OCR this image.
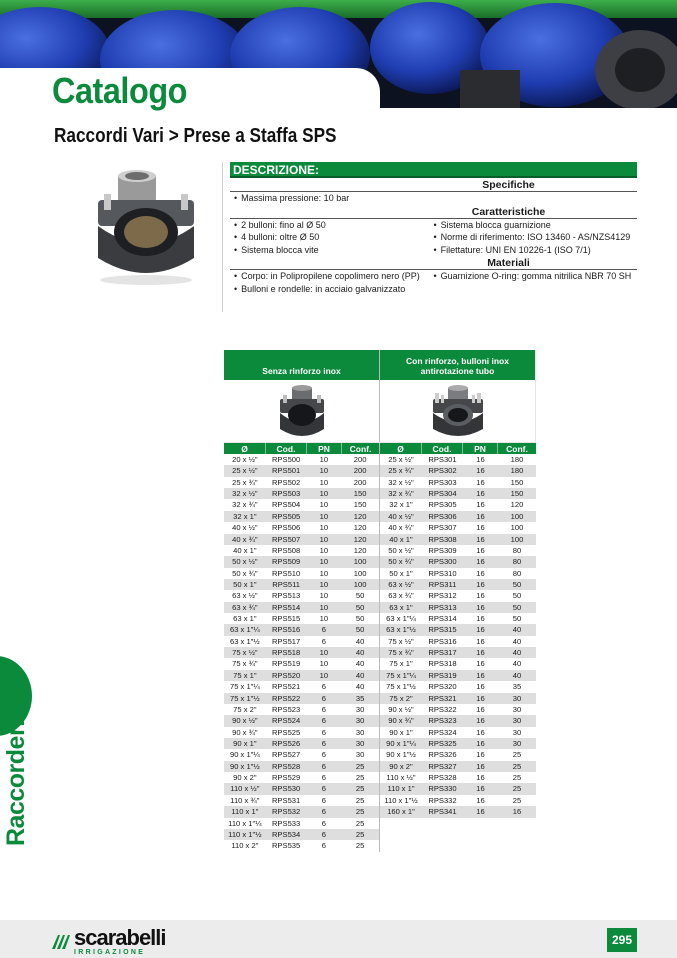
Catalogo
Raccordi Vari > Prese a Staffa SPS
DESCRIZIONE:
Specifiche
• Massima pressione: 10 bar
Caratteristiche
• 2 bulloni: fino al Ø 50
• 4 bulloni: oltre Ø 50
• Sistema blocca vite
• Sistema blocca guarnizione
• Norme di riferimento: ISO 13460 - AS/NZS4129
• Filettature: UNI EN 10226-1 (ISO 7/1)
Materiali
• Corpo: in Polipropilene copolimero nero (PP)
• Bulloni e rondelle: in acciaio galvanizzato
• Guarnizione O-ring: gomma nitrilica NBR 70 SH
Senza rinforzo inox
Con rinforzo, bulloni inox antirotazione tubo
Ø	Cod.	PN	Conf.	Ø	Cod.	PN	Conf.
20 x ½"	RPS500	10	200
25 x ½"	RPS501	10	200
25 x ¾"	RPS502	10	200
32 x ½"	RPS503	10	150
32 x ¾"	RPS504	10	150
32 x 1"	RPS505	10	120
40 x ½"	RPS506	10	120
40 x ¾"	RPS507	10	120
40 x 1"	RPS508	10	120
50 x ½"	RPS509	10	100
50 x ¾"	RPS510	10	100
50 x 1"	RPS511	10	100
63 x ½"	RPS513	10	50
63 x ¾"	RPS514	10	50
63 x 1"	RPS515	10	50
63 x 1"¼	RPS516	6	50
63 x 1"½	RPS517	6	40
75 x ½"	RPS518	10	40
75 x ¾"	RPS519	10	40
75 x 1"	RPS520	10	40
75 x 1"¼	RPS521	6	40
75 x 1"½	RPS522	6	35
75 x 2"	RPS523	6	30
90 x ½"	RPS524	6	30
90 x ¾"	RPS525	6	30
90 x 1"	RPS526	6	30
90 x 1"¼	RPS527	6	30
90 x 1"½	RPS528	6	25
90 x 2"	RPS529	6	25
110 x ½"	RPS530	6	25
110 x ¾"	RPS531	6	25
110 x 1"	RPS532	6	25
110 x 1"¼	RPS533	6	25
110 x 1"½	RPS534	6	25
110 x 2"	RPS535	6	25
25 x ½"	RPS301	16	180
25 x ¾"	RPS302	16	180
32 x ½"	RPS303	16	150
32 x ¾"	RPS304	16	150
32 x 1"	RPS305	16	120
40 x ½"	RPS306	16	100
40 x ¾"	RPS307	16	100
40 x 1"	RPS308	16	100
50 x ½"	RPS309	16	80
50 x ¾"	RPS300	16	80
50 x 1"	RPS310	16	80
63 x ½"	RPS311	16	50
63 x ¾"	RPS312	16	50
63 x 1"	RPS313	16	50
63 x 1"¼	RPS314	16	50
63 x 1"½	RPS315	16	40
75 x ½"	RPS316	16	40
75 x ¾"	RPS317	16	40
75 x 1"	RPS318	16	40
75 x 1"¼	RPS319	16	40
75 x 1"½	RPS320	16	35
75 x 2"	RPS321	16	30
90 x ½"	RPS322	16	30
90 x ¾"	RPS323	16	30
90 x 1"	RPS324	16	30
90 x 1"¼	RPS325	16	30
90 x 1"½	RPS326	16	25
90 x 2"	RPS327	16	25
110 x ½"	RPS328	16	25
110 x 1"	RPS330	16	25
110 x 1"½	RPS332	16	25
160 x 1"	RPS341	16	16
Raccorderia
scarabelli
IRRIGAZIONE
295
